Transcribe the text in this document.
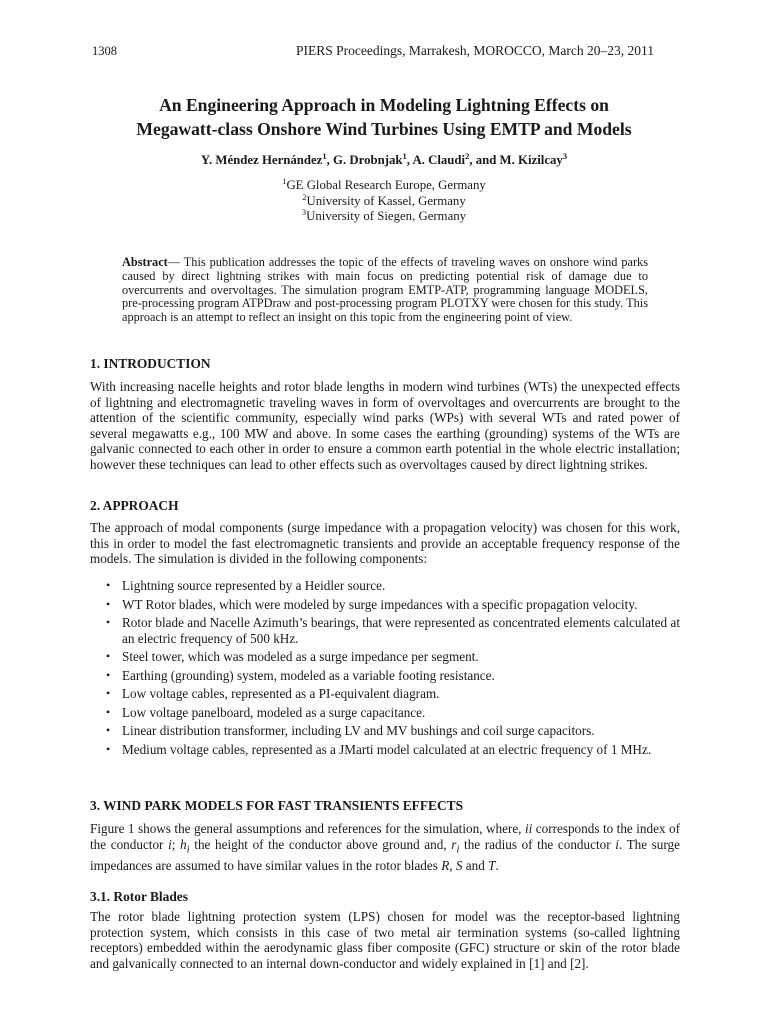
1308	PIERS Proceedings, Marrakesh, MOROCCO, March 20–23, 2011
An Engineering Approach in Modeling Lightning Effects on
Megawatt-class Onshore Wind Turbines Using EMTP and Models
Y. Méndez Hernández$^1$, G. Drobnjak$^1$, A. Claudi$^2$, and M. Kizilcay$^3$
$^1$GE Global Research Europe, Germany
$^2$University of Kassel, Germany
$^3$University of Siegen, Germany
Abstract— This publication addresses the topic of the effects of traveling waves on onshore wind parks caused by direct lightning strikes with main focus on predicting potential risk of damage due to overcurrents and overvoltages. The simulation program EMTP-ATP, programming language MODELS, pre-processing program ATPDraw and post-processing program PLOTXY were chosen for this study. This approach is an attempt to reflect an insight on this topic from the engineering point of view.
1. INTRODUCTION
With increasing nacelle heights and rotor blade lengths in modern wind turbines (WTs) the unexpected effects of lightning and electromagnetic traveling waves in form of overvoltages and overcurrents are brought to the attention of the scientific community, especially wind parks (WPs) with several WTs and rated power of several megawatts e.g., 100 MW and above. In some cases the earthing (grounding) systems of the WTs are galvanic connected to each other in order to ensure a common earth potential in the whole electric installation; however these techniques can lead to other effects such as overvoltages caused by direct lightning strikes.
2. APPROACH
The approach of modal components (surge impedance with a propagation velocity) was chosen for this work, this in order to model the fast electromagnetic transients and provide an acceptable frequency response of the models. The simulation is divided in the following components:
• Lightning source represented by a Heidler source.
• WT Rotor blades, which were modeled by surge impedances with a specific propagation velocity.
• Rotor blade and Nacelle Azimuth’s bearings, that were represented as concentrated elements calculated at an electric frequency of 500 kHz.
• Steel tower, which was modeled as a surge impedance per segment.
• Earthing (grounding) system, modeled as a variable footing resistance.
• Low voltage cables, represented as a PI-equivalent diagram.
• Low voltage panelboard, modeled as a surge capacitance.
• Linear distribution transformer, including LV and MV bushings and coil surge capacitors.
• Medium voltage cables, represented as a JMarti model calculated at an electric frequency of 1 MHz.
3. WIND PARK MODELS FOR FAST TRANSIENTS EFFECTS
Figure 1 shows the general assumptions and references for the simulation, where, ii corresponds to the index of the conductor i; $h_i$ the height of the conductor above ground and, $r_i$ the radius of the conductor i. The surge impedances are assumed to have similar values in the rotor blades R, S and T.
3.1. Rotor Blades
The rotor blade lightning protection system (LPS) chosen for model was the receptor-based lightning protection system, which consists in this case of two metal air termination systems (so-called lightning receptors) embedded within the aerodynamic glass fiber composite (GFC) structure or skin of the rotor blade and galvanically connected to an internal down-conductor and widely explained in [1] and [2].
